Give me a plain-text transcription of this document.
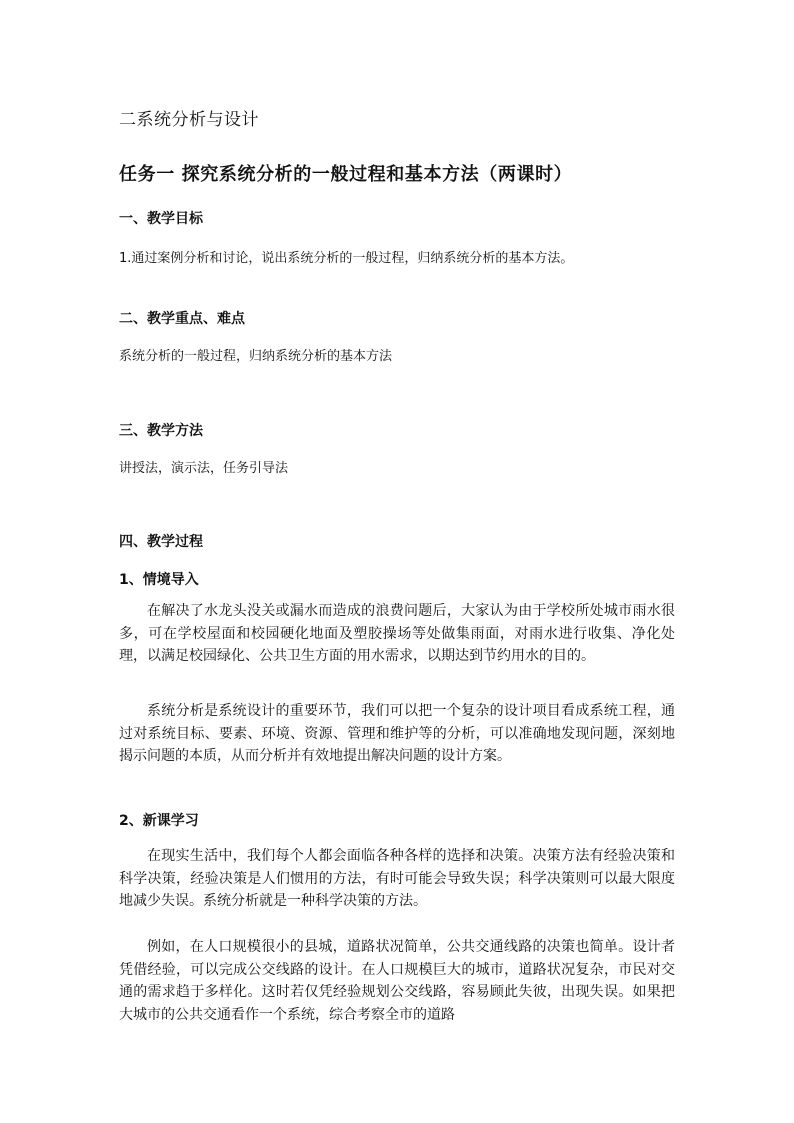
二系统分析与设计
任务一 探究系统分析的一般过程和基本方法（两课时）
一、教学目标
1.通过案例分析和讨论，说出系统分析的一般过程，归纳系统分析的基本方法。
二、教学重点、难点
系统分析的一般过程，归纳系统分析的基本方法
三、教学方法
讲授法，演示法，任务引导法
四、教学过程
1、情境导入

在解决了水龙头没关或漏水而造成的浪费问题后，大家认为由于学校所处城市雨水很多，可在学校屋面和校园硬化地面及塑胶操场等处做集雨面，对雨水进行收集、净化处理，以满足校园绿化、公共卫生方面的用水需求，以期达到节约用水的目的。

系统分析是系统设计的重要环节，我们可以把一个复杂的设计项目看成系统工程，通过对系统目标、要素、环境、资源、管理和维护等的分析，可以准确地发现问题，深刻地揭示问题的本质，从而分析并有效地提出解决问题的设计方案。

2、新课学习

在现实生活中，我们每个人都会面临各种各样的选择和决策。决策方法有经验决策和科学决策，经验决策是人们惯用的方法，有时可能会导致失误；科学决策则可以最大限度地减少失误。系统分析就是一种科学决策的方法。

例如，在人口规模很小的县城，道路状况简单，公共交通线路的决策也简单。设计者凭借经验，可以完成公交线路的设计。在人口规模巨大的城市，道路状况复杂，市民对交通的需求趋于多样化。这时若仅凭经验规划公交线路，容易顾此失彼，出现失误。如果把大城市的公共交通看作一个系统，综合考察全市的道路
